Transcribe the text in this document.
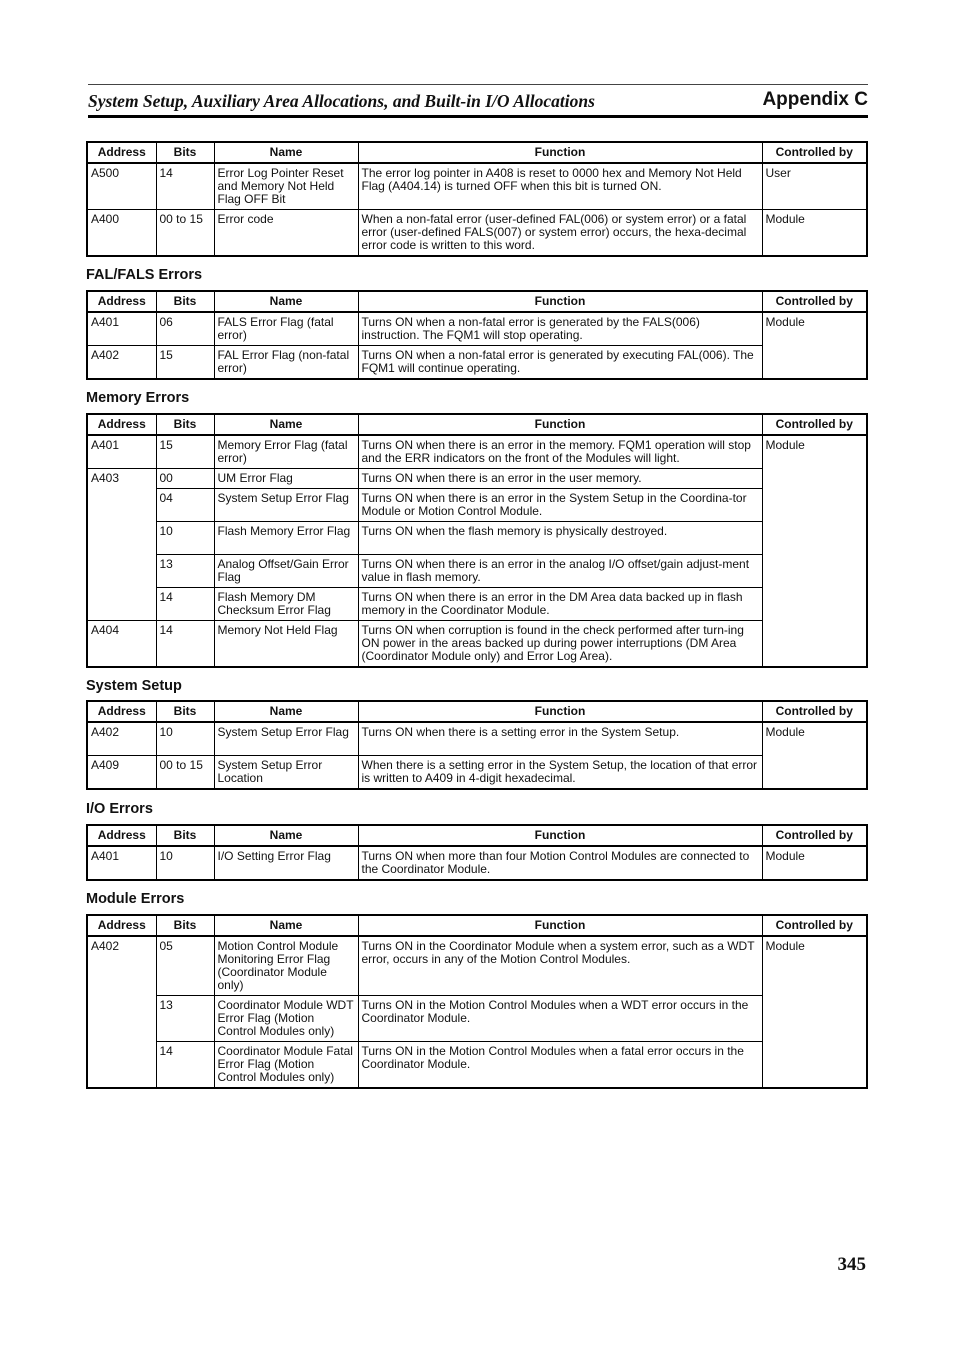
System Setup, Auxiliary Area Allocations, and Built-in I/O Allocations	Appendix C
Address	Bits	Name	Function	Controlled by
A500	14	Error Log Pointer Reset and Memory Not Held Flag OFF Bit	The error log pointer in A408 is reset to 0000 hex and Memory Not Held Flag (A404.14) is turned OFF when this bit is turned ON.	User
A400	00 to 15	Error code	When a non-fatal error (user-defined FAL(006) or system error) or a fatal error (user-defined FALS(007) or system error) occurs, the hexa-decimal error code is written to this word.	Module
FAL/FALS Errors
Address	Bits	Name	Function	Controlled by
A401	06	FALS Error Flag (fatal error)	Turns ON when a non-fatal error is generated by the FALS(006) instruction. The FQM1 will stop operating.	Module
A402	15	FAL Error Flag (non-fatal error)	Turns ON when a non-fatal error is generated by executing FAL(006). The FQM1 will continue operating.	
Memory Errors
Address	Bits	Name	Function	Controlled by
A401	15	Memory Error Flag (fatal error)	Turns ON when there is an error in the memory. FQM1 operation will stop and the ERR indicators on the front of the Modules will light.	Module
A403	00	UM Error Flag	Turns ON when there is an error in the user memory.	
	04	System Setup Error Flag	Turns ON when there is an error in the System Setup in the Coordina-tor Module or Motion Control Module.	
	10	Flash Memory Error Flag	Turns ON when the flash memory is physically destroyed.	
	13	Analog Offset/Gain Error Flag	Turns ON when there is an error in the analog I/O offset/gain adjust-ment value in flash memory.	
	14	Flash Memory DM Checksum Error Flag	Turns ON when there is an error in the DM Area data backed up in flash memory in the Coordinator Module.	
A404	14	Memory Not Held Flag	Turns ON when corruption is found in the check performed after turn-ing ON power in the areas backed up during power interruptions (DM Area (Coordinator Module only) and Error Log Area).	
System Setup
Address	Bits	Name	Function	Controlled by
A402	10	System Setup Error Flag	Turns ON when there is a setting error in the System Setup.	Module
A409	00 to 15	System Setup Error Location	When there is a setting error in the System Setup, the location of that error is written to A409 in 4-digit hexadecimal.	
I/O Errors
Address	Bits	Name	Function	Controlled by
A401	10	I/O Setting Error Flag	Turns ON when more than four Motion Control Modules are connected to the Coordinator Module.	Module
Module Errors
Address	Bits	Name	Function	Controlled by
A402	05	Motion Control Module Monitoring Error Flag (Coordinator Module only)	Turns ON in the Coordinator Module when a system error, such as a WDT error, occurs in any of the Motion Control Modules.	Module
	13	Coordinator Module WDT Error Flag (Motion Control Modules only)	Turns ON in the Motion Control Modules when a WDT error occurs in the Coordinator Module.	
	14	Coordinator Module Fatal Error Flag (Motion Control Modules only)	Turns ON in the Motion Control Modules when a fatal error occurs in the Coordinator Module.	
345
